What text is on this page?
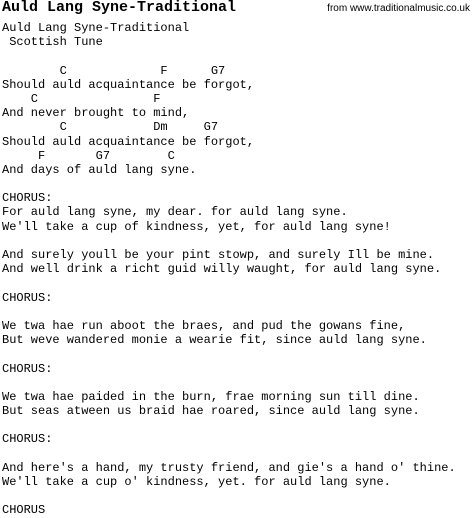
Auld Lang Syne-Traditional	from www.traditionalmusic.co.uk
Auld Lang Syne-Traditional
Scottish Tune
C             F      G7
Should auld acquaintance be forgot,
C                F
And never brought to mind,
C            Dm     G7
Should auld acquaintance be forgot,
F       G7        C
And days of auld lang syne.
CHORUS:
For auld lang syne, my dear. for auld lang syne.
We'll take a cup of kindness, yet, for auld lang syne!
And surely youll be your pint stowp, and surely Ill be mine.
And well drink a richt guid willy waught, for auld lang syne.
CHORUS:
We twa hae run aboot the braes, and pud the gowans fine,
But weve wandered monie a wearie fit, since auld lang syne.
CHORUS:
We twa hae paided in the burn, frae morning sun till dine.
But seas atween us braid hae roared, since auld lang syne.
CHORUS:
And here's a hand, my trusty friend, and gie's a hand o' thine.
We'll take a cup o' kindness, yet. for auld lang syne.
CHORUS
